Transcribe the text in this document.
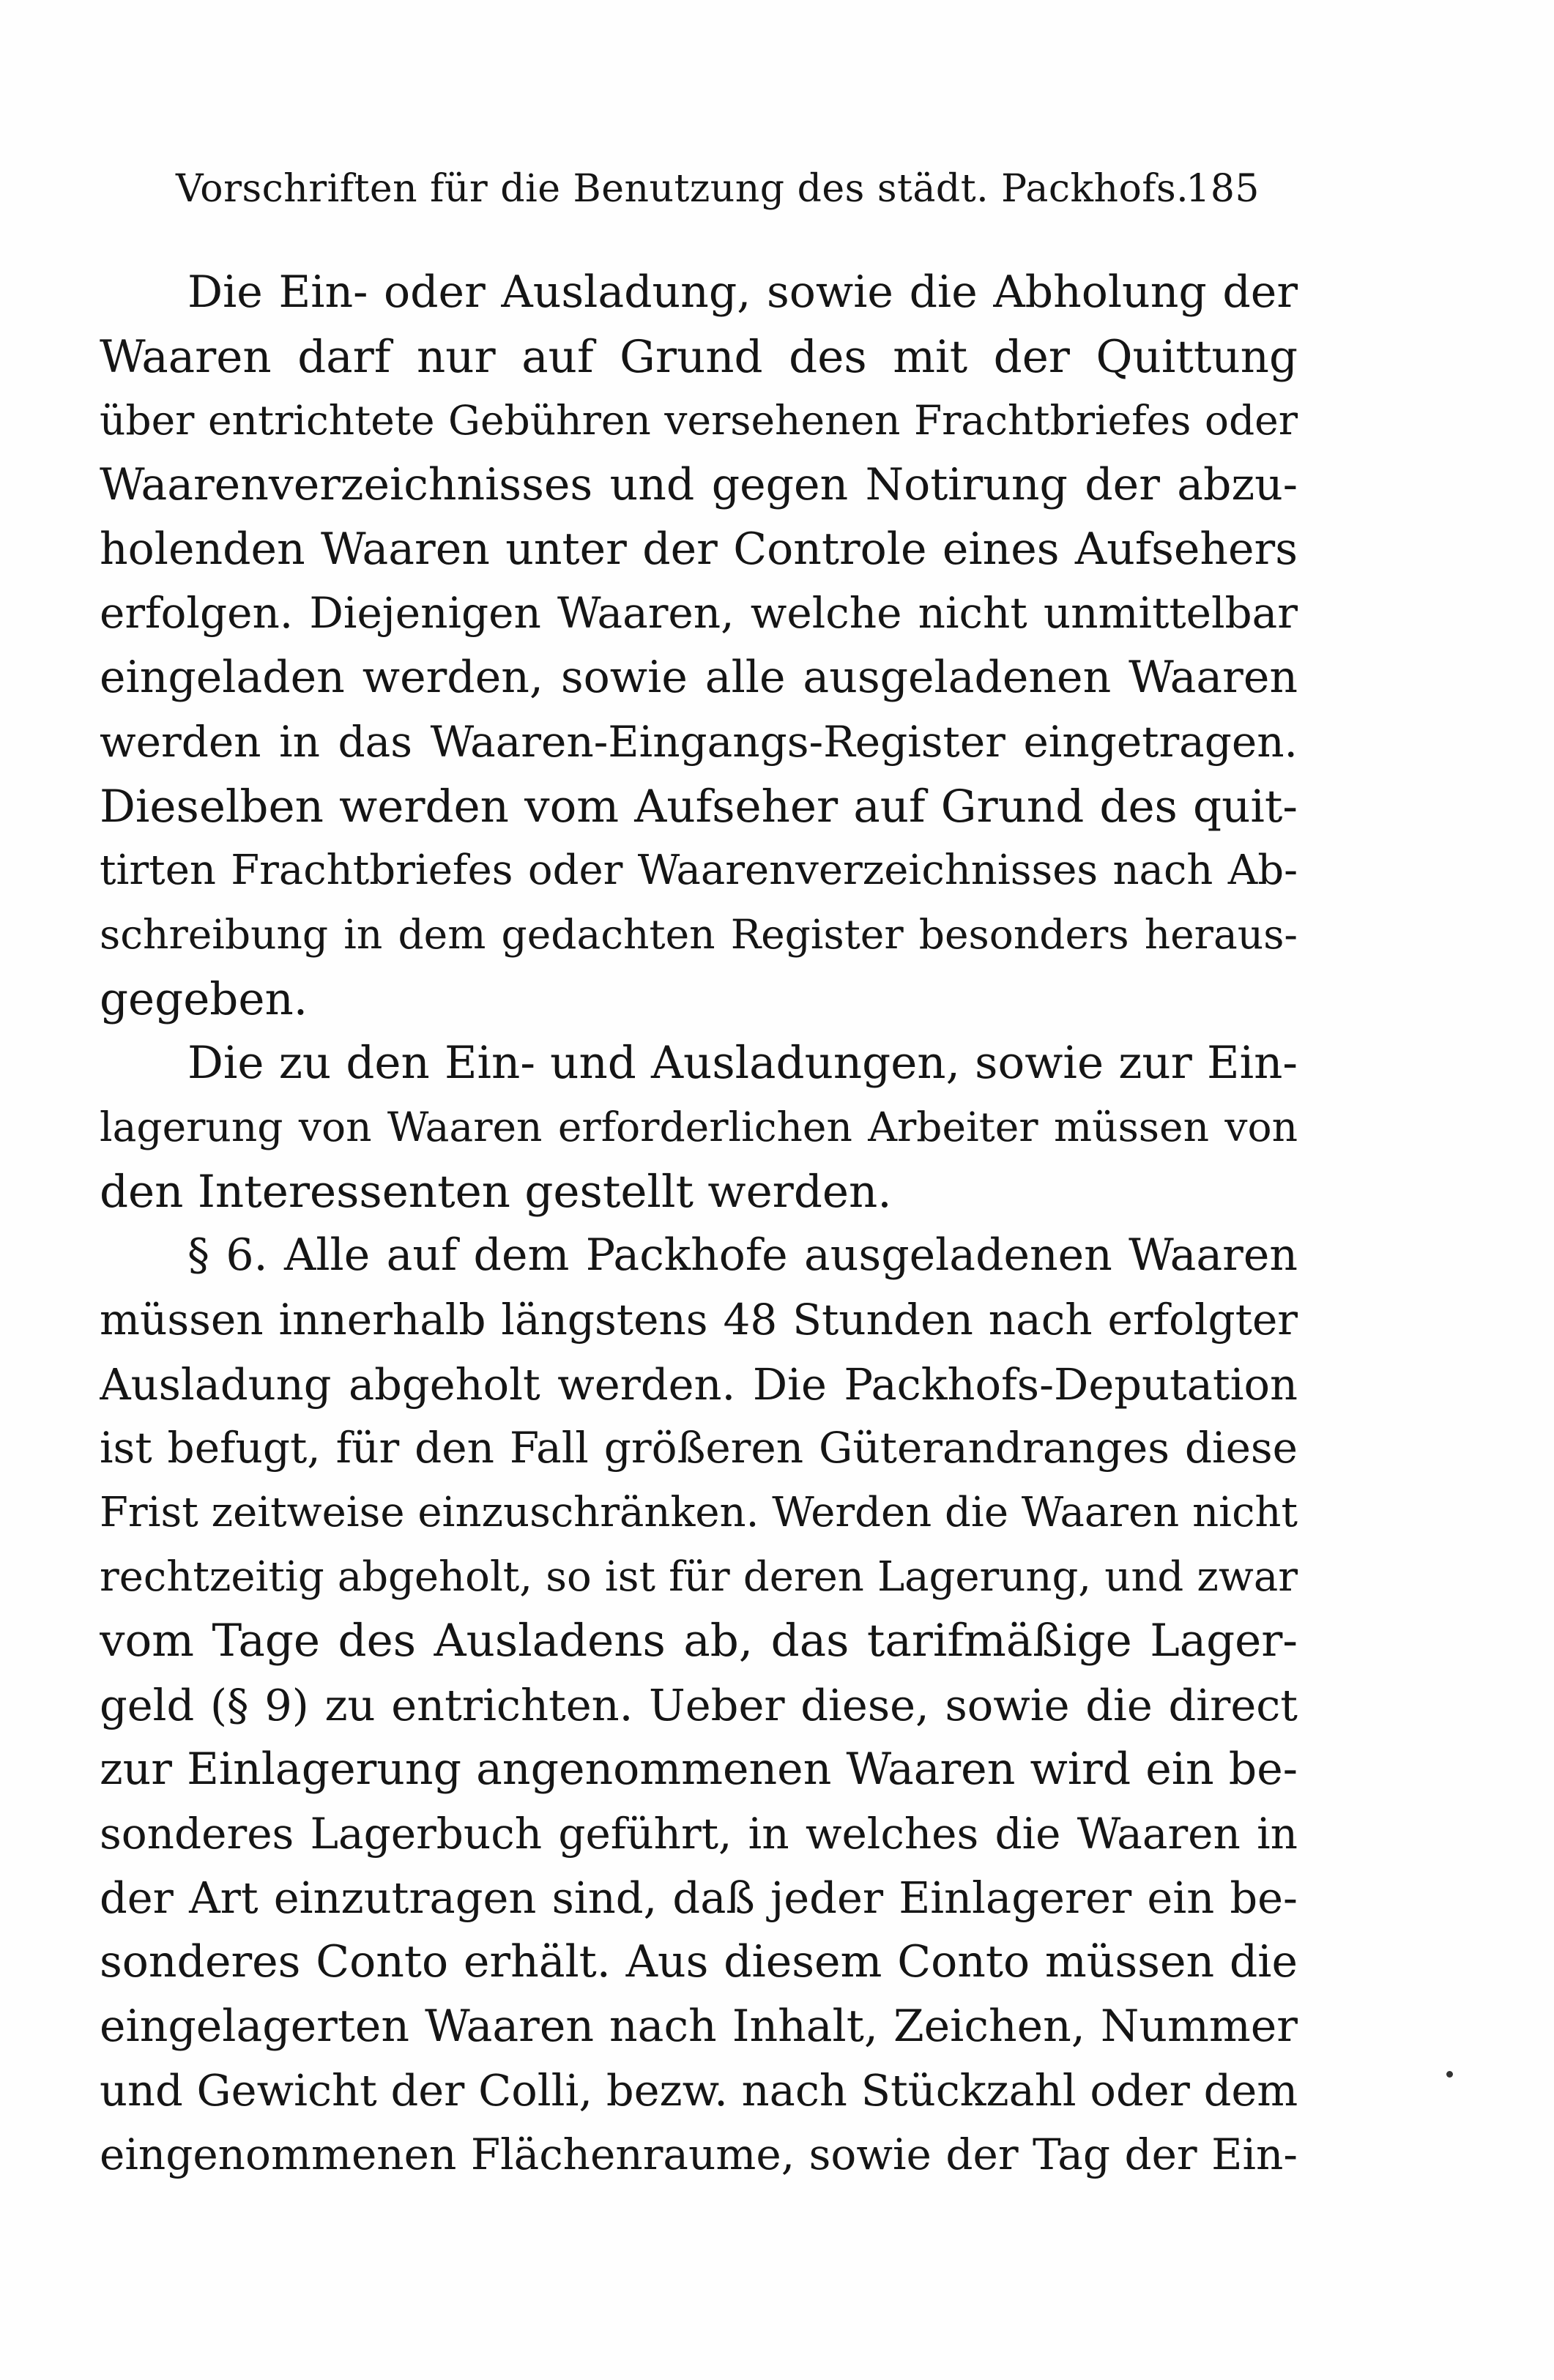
Vorschriften für die Benutzung des städt. Packhofs.
185
Die Ein- oder Ausladung, sowie die Abholung der
Waaren darf nur auf Grund des mit der Quittung
über entrichtete Gebühren versehenen Frachtbriefes oder
Waarenverzeichnisses und gegen Notirung der abzu-
holenden Waaren unter der Controle eines Aufsehers
erfolgen. Diejenigen Waaren, welche nicht unmittelbar
eingeladen werden, sowie alle ausgeladenen Waaren
werden in das Waaren-Eingangs-Register eingetragen.
Dieselben werden vom Aufseher auf Grund des quit-
tirten Frachtbriefes oder Waarenverzeichnisses nach Ab-
schreibung in dem gedachten Register besonders heraus-
gegeben.
Die zu den Ein- und Ausladungen, sowie zur Ein-
lagerung von Waaren erforderlichen Arbeiter müssen von
den Interessenten gestellt werden.
§ 6. Alle auf dem Packhofe ausgeladenen Waaren
müssen innerhalb längstens 48 Stunden nach erfolgter
Ausladung abgeholt werden. Die Packhofs-Deputation
ist befugt, für den Fall größeren Güterandranges diese
Frist zeitweise einzuschränken. Werden die Waaren nicht
rechtzeitig abgeholt, so ist für deren Lagerung, und zwar
vom Tage des Ausladens ab, das tarifmäßige Lager-
geld (§ 9) zu entrichten. Ueber diese, sowie die direct
zur Einlagerung angenommenen Waaren wird ein be-
sonderes Lagerbuch geführt, in welches die Waaren in
der Art einzutragen sind, daß jeder Einlagerer ein be-
sonderes Conto erhält. Aus diesem Conto müssen die
eingelagerten Waaren nach Inhalt, Zeichen, Nummer
und Gewicht der Colli, bezw. nach Stückzahl oder dem
eingenommenen Flächenraume, sowie der Tag der Ein-
